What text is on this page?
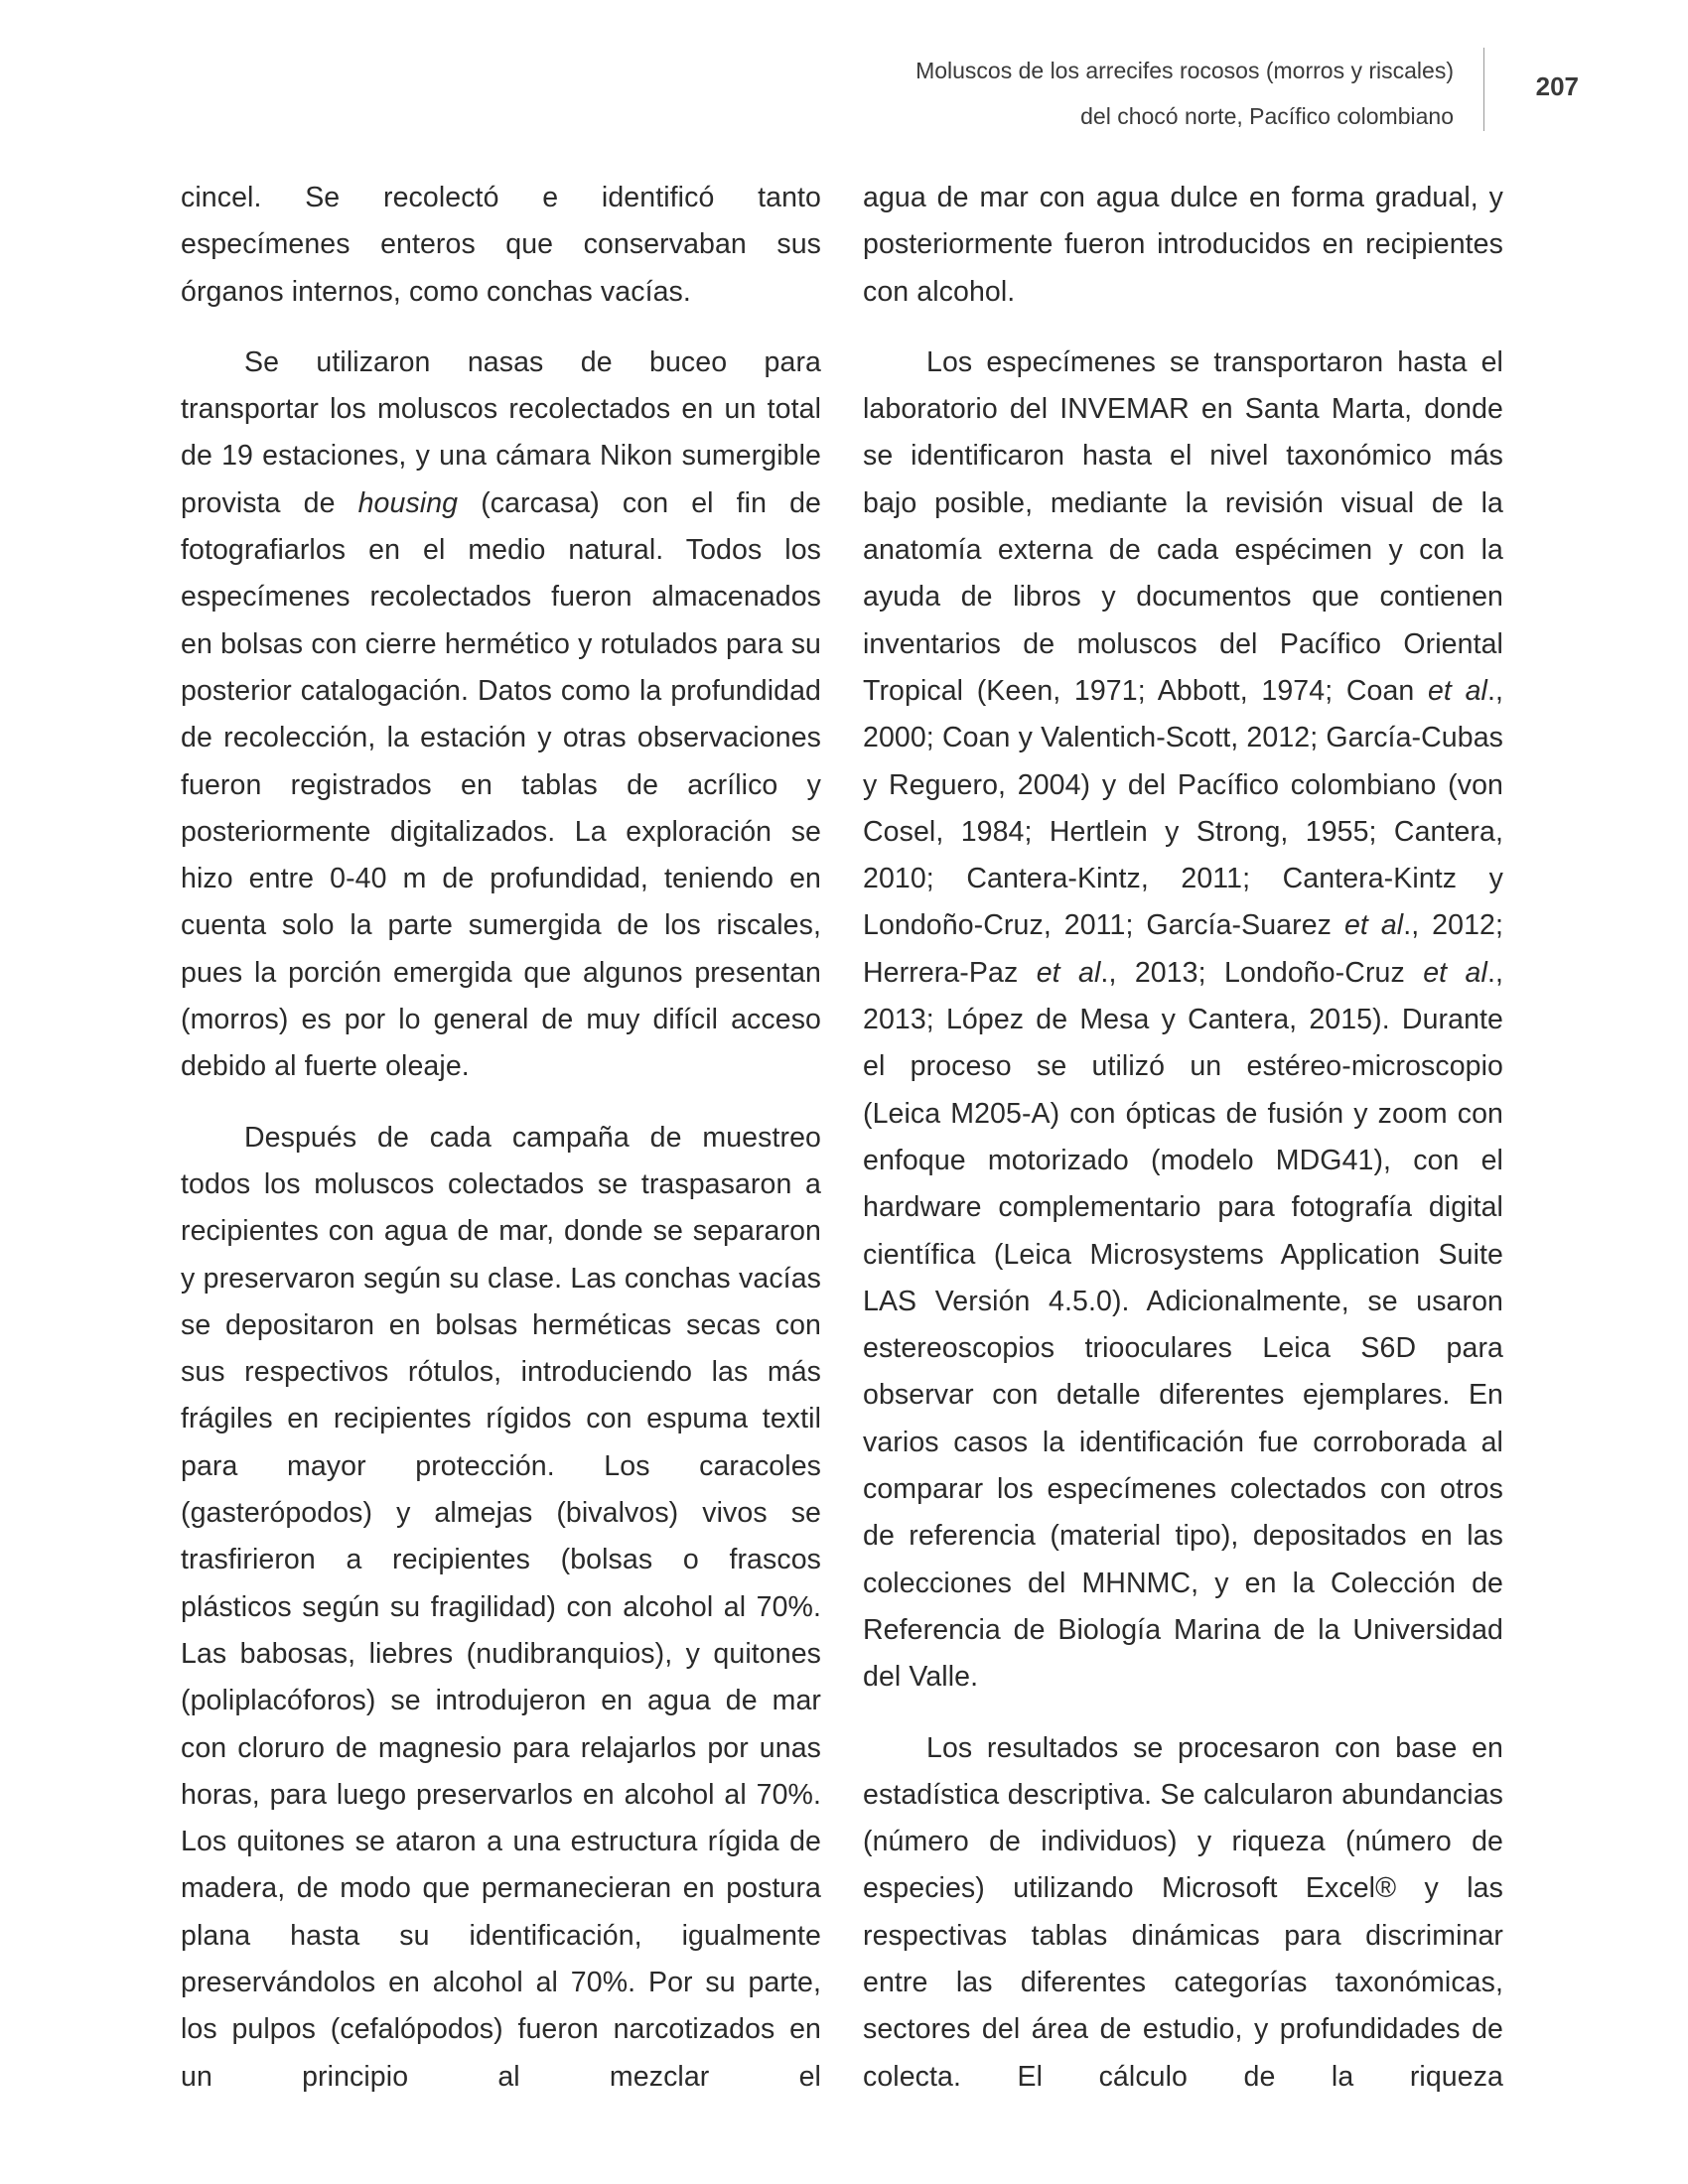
Moluscos de los arrecifes rocosos (morros y riscales)
del chocó norte, Pacífico colombiano
207

cincel. Se recolectó e identificó tanto especímenes enteros que conservaban sus órganos internos, como conchas vacías.

Se utilizaron nasas de buceo para transportar los moluscos recolectados en un total de 19 estaciones, y una cámara Nikon sumergible provista de housing (carcasa) con el fin de fotografiarlos en el medio natural. Todos los especímenes recolectados fueron almacenados en bolsas con cierre hermético y rotulados para su posterior catalogación. Datos como la profundidad de recolección, la estación y otras observaciones fueron registrados en tablas de acrílico y posteriormente digitalizados. La exploración se hizo entre 0-40 m de profundidad, teniendo en cuenta solo la parte sumergida de los riscales, pues la porción emergida que algunos presentan (morros) es por lo general de muy difícil acceso debido al fuerte oleaje.

Después de cada campaña de muestreo todos los moluscos colectados se traspasaron a recipientes con agua de mar, donde se separaron y preservaron según su clase. Las conchas vacías se depositaron en bolsas herméticas secas con sus respectivos rótulos, introduciendo las más frágiles en recipientes rígidos con espuma textil para mayor protección. Los caracoles (gasterópodos) y almejas (bivalvos) vivos se trasfirieron a recipientes (bolsas o frascos plásticos según su fragilidad) con alcohol al 70%. Las babosas, liebres (nudibranquios), y quitones (poliplacóforos) se introdujeron en agua de mar con cloruro de magnesio para relajarlos por unas horas, para luego preservarlos en alcohol al 70%. Los quitones se ataron a una estructura rígida de madera, de modo que permanecieran en postura plana hasta su identificación, igualmente preservándolos en alcohol al 70%. Por su parte, los pulpos (cefalópodos) fueron narcotizados en un principio al mezclar el

agua de mar con agua dulce en forma gradual, y posteriormente fueron introducidos en recipientes con alcohol.

Los especímenes se transportaron hasta el laboratorio del INVEMAR en Santa Marta, donde se identificaron hasta el nivel taxonómico más bajo posible, mediante la revisión visual de la anatomía externa de cada espécimen y con la ayuda de libros y documentos que contienen inventarios de moluscos del Pacífico Oriental Tropical (Keen, 1971; Abbott, 1974; Coan et al., 2000; Coan y Valentich-Scott, 2012; García-Cubas y Reguero, 2004) y del Pacífico colombiano (von Cosel, 1984; Hertlein y Strong, 1955; Cantera, 2010; Cantera-Kintz, 2011; Cantera-Kintz y Londoño-Cruz, 2011; García-Suarez et al., 2012; Herrera-Paz et al., 2013; Londoño-Cruz et al., 2013; López de Mesa y Cantera, 2015). Durante el proceso se utilizó un estéreo-microscopio (Leica M205-A) con ópticas de fusión y zoom con enfoque motorizado (modelo MDG41), con el hardware complementario para fotografía digital científica (Leica Microsystems Application Suite LAS Versión 4.5.0). Adicionalmente, se usaron estereoscopios triooculares Leica S6D para observar con detalle diferentes ejemplares. En varios casos la identificación fue corroborada al comparar los especímenes colectados con otros de referencia (material tipo), depositados en las colecciones del MHNMC, y en la Colección de Referencia de Biología Marina de la Universidad del Valle.

Los resultados se procesaron con base en estadística descriptiva. Se calcularon abundancias (número de individuos) y riqueza (número de especies) utilizando Microsoft Excel® y las respectivas tablas dinámicas para discriminar entre las diferentes categorías taxonómicas, sectores del área de estudio, y profundidades de colecta. El cálculo de la riqueza
